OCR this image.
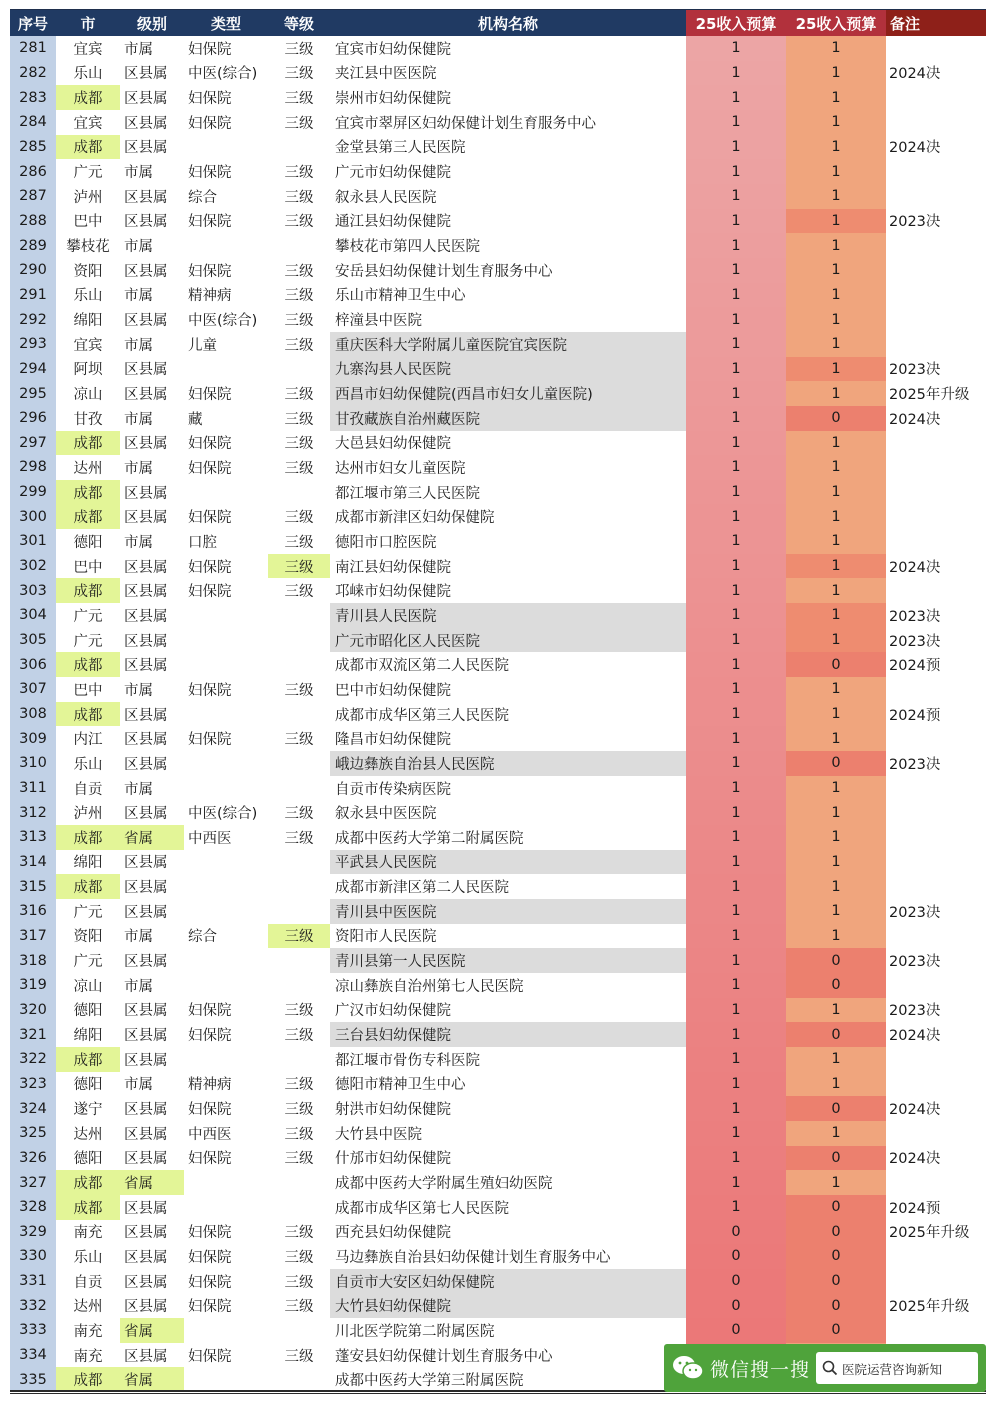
序号	市	级别	类型	等级	机构名称	25收入预算	25收入预算	备注
281	宜宾	市属	妇保院	三级	宜宾市妇幼保健院	1	1	
282	乐山	区县属	中医(综合)	三级	夹江县中医医院	1	1	2024决
283	成都	区县属	妇保院	三级	崇州市妇幼保健院	1	1	
284	宜宾	区县属	妇保院	三级	宜宾市翠屏区妇幼保健计划生育服务中心	1	1	
285	成都	区县属			金堂县第三人民医院	1	1	2024决
286	广元	市属	妇保院	三级	广元市妇幼保健院	1	1	
287	泸州	区县属	综合	三级	叙永县人民医院	1	1	
288	巴中	区县属	妇保院	三级	通江县妇幼保健院	1	1	2023决
289	攀枝花	市属			攀枝花市第四人民医院	1	1	
290	资阳	区县属	妇保院	三级	安岳县妇幼保健计划生育服务中心	1	1	
291	乐山	市属	精神病	三级	乐山市精神卫生中心	1	1	
292	绵阳	区县属	中医(综合)	三级	梓潼县中医院	1	1	
293	宜宾	市属	儿童	三级	重庆医科大学附属儿童医院宜宾医院	1	1	
294	阿坝	区县属			九寨沟县人民医院	1	1	2023决
295	凉山	区县属	妇保院	三级	西昌市妇幼保健院(西昌市妇女儿童医院)	1	1	2025年升级
296	甘孜	市属	藏	三级	甘孜藏族自治州藏医院	1	0	2024决
297	成都	区县属	妇保院	三级	大邑县妇幼保健院	1	1	
298	达州	市属	妇保院	三级	达州市妇女儿童医院	1	1	
299	成都	区县属			都江堰市第三人民医院	1	1	
300	成都	区县属	妇保院	三级	成都市新津区妇幼保健院	1	1	
301	德阳	市属	口腔	三级	德阳市口腔医院	1	1	
302	巴中	区县属	妇保院	三级	南江县妇幼保健院	1	1	2024决
303	成都	区县属	妇保院	三级	邛崃市妇幼保健院	1	1	
304	广元	区县属			青川县人民医院	1	1	2023决
305	广元	区县属			广元市昭化区人民医院	1	1	2023决
306	成都	区县属			成都市双流区第二人民医院	1	0	2024预
307	巴中	市属	妇保院	三级	巴中市妇幼保健院	1	1	
308	成都	区县属			成都市成华区第三人民医院	1	1	2024预
309	内江	区县属	妇保院	三级	隆昌市妇幼保健院	1	1	
310	乐山	区县属			峨边彝族自治县人民医院	1	0	2023决
311	自贡	市属			自贡市传染病医院	1	1	
312	泸州	区县属	中医(综合)	三级	叙永县中医医院	1	1	
313	成都	省属	中西医	三级	成都中医药大学第二附属医院	1	1	
314	绵阳	区县属			平武县人民医院	1	1	
315	成都	区县属			成都市新津区第二人民医院	1	1	
316	广元	区县属			青川县中医医院	1	1	2023决
317	资阳	市属	综合	三级	资阳市人民医院	1	1	
318	广元	区县属			青川县第一人民医院	1	0	2023决
319	凉山	市属			凉山彝族自治州第七人民医院	1	0	
320	德阳	区县属	妇保院	三级	广汉市妇幼保健院	1	1	2023决
321	绵阳	区县属	妇保院	三级	三台县妇幼保健院	1	0	2024决
322	成都	区县属			都江堰市骨伤专科医院	1	1	
323	德阳	市属	精神病	三级	德阳市精神卫生中心	1	1	
324	遂宁	区县属	妇保院	三级	射洪市妇幼保健院	1	0	2024决
325	达州	区县属	中西医	三级	大竹县中医院	1	1	
326	德阳	区县属	妇保院	三级	什邡市妇幼保健院	1	0	2024决
327	成都	省属			成都中医药大学附属生殖妇幼医院	1	1	
328	成都	区县属			成都市成华区第七人民医院	1	0	2024预
329	南充	区县属	妇保院	三级	西充县妇幼保健院	0	0	2025年升级
330	乐山	区县属	妇保院	三级	马边彝族自治县妇幼保健计划生育服务中心	0	0	
331	自贡	区县属	妇保院	三级	自贡市大安区妇幼保健院	0	0	
332	达州	区县属	妇保院	三级	大竹县妇幼保健院	0	0	2025年升级
333	南充	省属			川北医学院第二附属医院	0	0	
334	南充	区县属	妇保院	三级	蓬安县妇幼保健计划生育服务中心			
335	成都	省属			成都中医药大学第三附属医院			
微信搜一搜	医院运营咨询新知
